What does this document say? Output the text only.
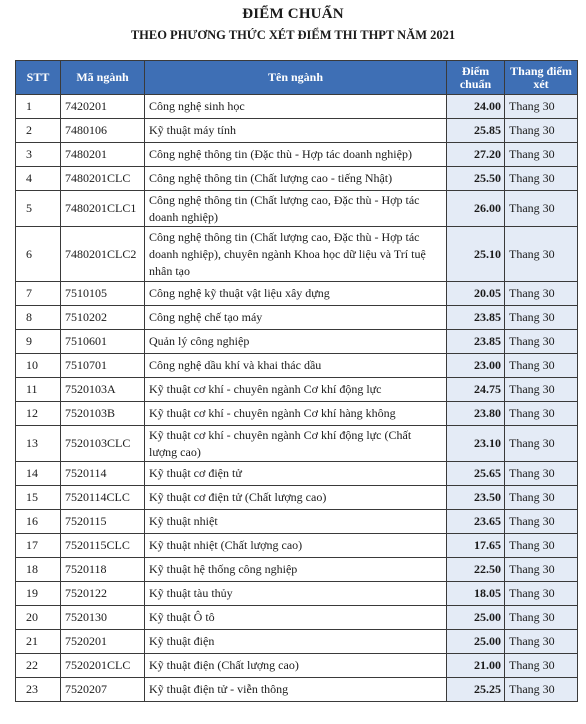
ĐIỂM CHUẨN
THEO PHƯƠNG THỨC XÉT ĐIỂM THI THPT NĂM 2021
STT	Mã ngành	Tên ngành	Điểm chuẩn	Thang điểm xét
1	7420201	Công nghệ sinh học	24.00	Thang 30
2	7480106	Kỹ thuật máy tính	25.85	Thang 30
3	7480201	Công nghệ thông tin (Đặc thù - Hợp tác doanh nghiệp)	27.20	Thang 30
4	7480201CLC	Công nghệ thông tin (Chất lượng cao - tiếng Nhật)	25.50	Thang 30
5	7480201CLC1	Công nghệ thông tin (Chất lượng cao, Đặc thù - Hợp tác doanh nghiệp)	26.00	Thang 30
6	7480201CLC2	Công nghệ thông tin (Chất lượng cao, Đặc thù - Hợp tác doanh nghiệp), chuyên ngành Khoa học dữ liệu và Trí tuệ nhân tạo	25.10	Thang 30
7	7510105	Công nghệ kỹ thuật vật liệu xây dựng	20.05	Thang 30
8	7510202	Công nghệ chế tạo máy	23.85	Thang 30
9	7510601	Quản lý công nghiệp	23.85	Thang 30
10	7510701	Công nghệ dầu khí và khai thác dầu	23.00	Thang 30
11	7520103A	Kỹ thuật cơ khí - chuyên ngành Cơ khí động lực	24.75	Thang 30
12	7520103B	Kỹ thuật cơ khí - chuyên ngành Cơ khí hàng không	23.80	Thang 30
13	7520103CLC	Kỹ thuật cơ khí - chuyên ngành Cơ khí động lực (Chất lượng cao)	23.10	Thang 30
14	7520114	Kỹ thuật cơ điện tử	25.65	Thang 30
15	7520114CLC	Kỹ thuật cơ điện tử (Chất lượng cao)	23.50	Thang 30
16	7520115	Kỹ thuật nhiệt	23.65	Thang 30
17	7520115CLC	Kỹ thuật nhiệt (Chất lượng cao)	17.65	Thang 30
18	7520118	Kỹ thuật hệ thống công nghiệp	22.50	Thang 30
19	7520122	Kỹ thuật tàu thủy	18.05	Thang 30
20	7520130	Kỹ thuật Ô tô	25.00	Thang 30
21	7520201	Kỹ thuật điện	25.00	Thang 30
22	7520201CLC	Kỹ thuật điện (Chất lượng cao)	21.00	Thang 30
23	7520207	Kỹ thuật điện tử - viễn thông	25.25	Thang 30
